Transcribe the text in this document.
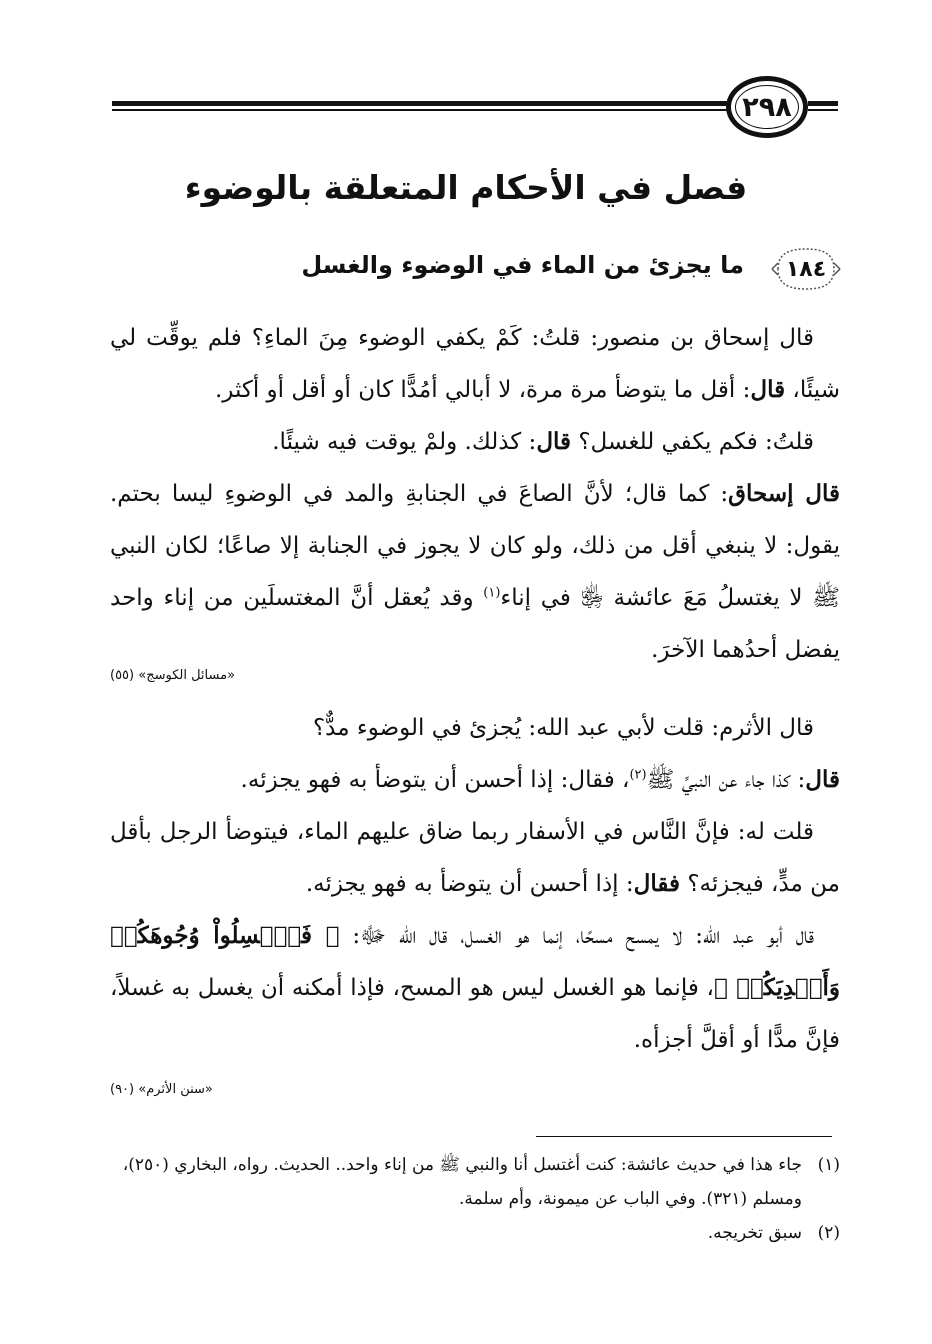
٢٩٨
فصل في الأحكام المتعلقة بالوضوء
١٨٤
ما يجزئ من الماء في الوضوء والغسل
قال إسحاق بن منصور: قلتُ: كَمْ يكفي الوضوء مِنَ الماءِ؟ فلم يوقِّت لي شيئًا، قال: أقل ما يتوضأ مرة مرة، لا أبالي أمُدًّا كان أو أقل أو أكثر.
قلتُ: فكم يكفي للغسل؟ قال: كذلك. ولمْ يوقت فيه شيئًا.
قال إسحاق: كما قال؛ لأنَّ الصاعَ في الجنابةِ والمد في الوضوءِ ليسا بحتم. يقول: لا ينبغي أقل من ذلك، ولو كان لا يجوز في الجنابة إلا صاعًا؛ لكان النبي ﷺ لا يغتسلُ مَعَ عائشة ﵂ في إناء$^{(١)}$ وقد يُعقل أنَّ المغتسلَين من إناء واحد يفضل أحدُهما الآخرَ.
«مسائل الكوسج» (٥٥)
قال الأثرم: قلت لأبي عبد الله: يُجزئ في الوضوء مدٌّ؟
قال: كذا جاء عن النبيِّ ﷺ$^{(٢)}$، فقال: إذا أحسن أن يتوضأ به فهو يجزئه.
قلت له: فإنَّ النَّاس في الأسفار ربما ضاق عليهم الماء، فيتوضأ الرجل بأقل من مدٍّ، فيجزئه؟ فقال: إذا أحسن أن يتوضأ به فهو يجزئه.
قال أبو عبد الله: لا يمسح مسحًا، إنما هو الغسل، قال الله ﷻ: ﴿ فَٱغۡسِلُواْ وُجُوهَكُمۡ وَأَيۡدِيَكُمۡ ﴾، فإنما هو الغسل ليس هو المسح، فإذا أمكنه أن يغسل به غسلاً، فإنَّ مدًّا أو أقلَّ أجزأه.
«سنن الأثرم» (٩٠)
(١)
جاء هذا في حديث عائشة: كنت أغتسل أنا والنبي ﷺ من إناء واحد.. الحديث. رواه، البخاري (٢٥٠)، ومسلم (٣٢١). وفي الباب عن ميمونة، وأم سلمة.
(٢)
سبق تخريجه.
